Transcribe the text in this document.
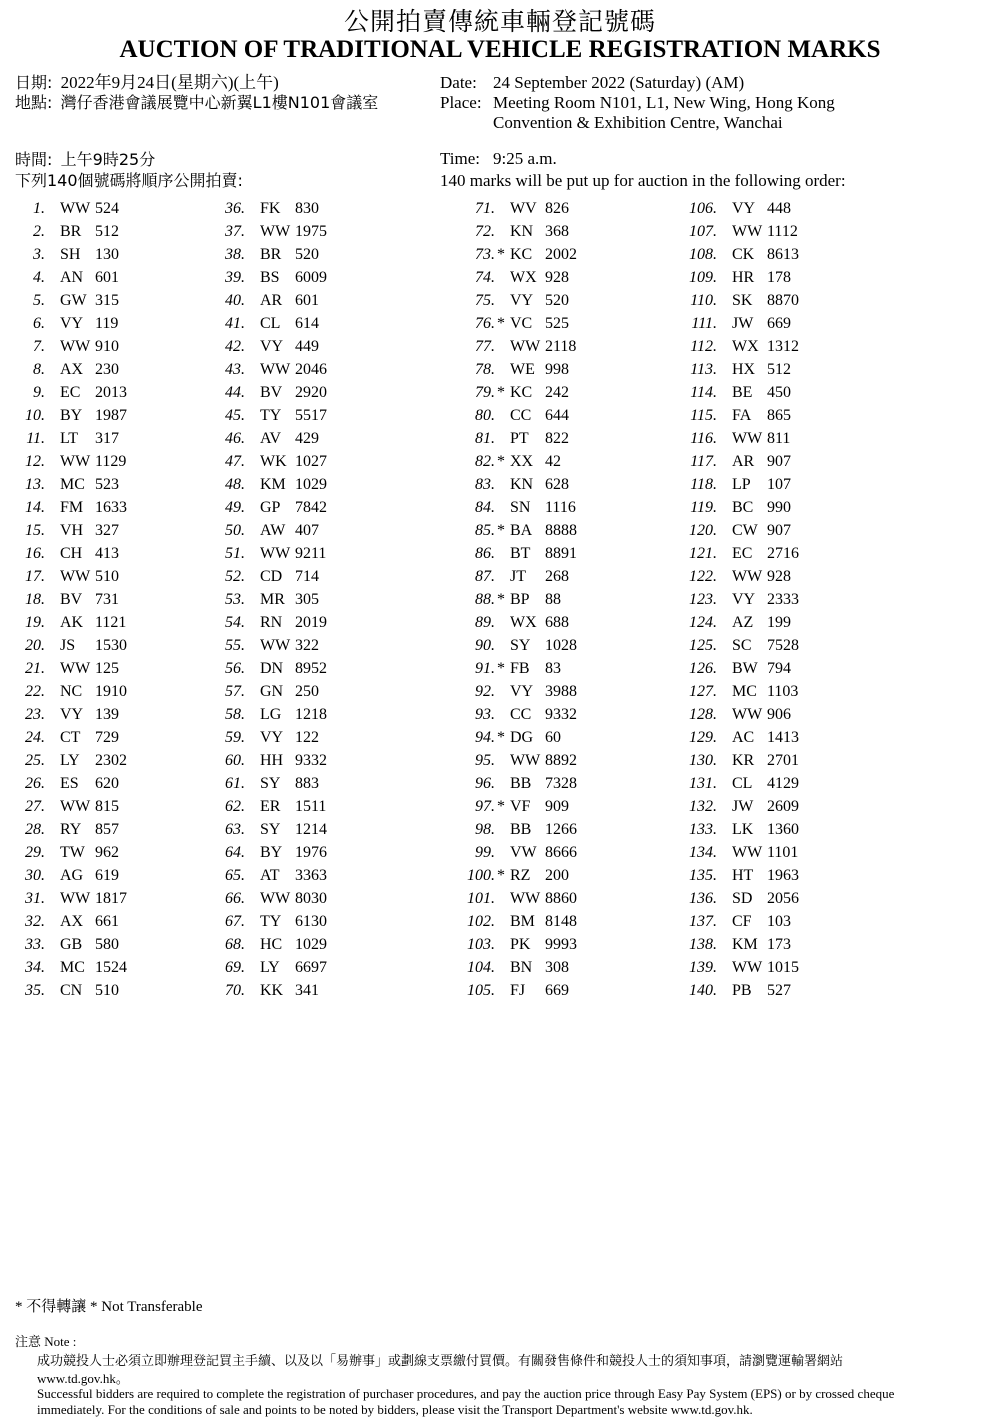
公開拍賣傳統車輛登記號碼
AUCTION OF TRADITIONAL VEHICLE REGISTRATION MARKS
日期: 2022年9月24日(星期六)(上午)
地點: 灣仔香港會議展覽中心新翼L1樓N101會議室
時間: 上午9時25分
下列140個號碼將順序公開拍賣:
Date: 24 September 2022 (Saturday) (AM)
Place: Meeting Room N101, L1, New Wing, Hong Kong
Convention & Exhibition Centre, Wanchai
Time: 9:25 a.m.
140 marks will be put up for auction in the following order:
1. WW 524
2. BR 512
3. SH 130
4. AN 601
5. GW 315
6. VY 119
7. WW 910
8. AX 230
9. EC 2013
10. BY 1987
11. LT 317
12. WW 1129
13. MC 523
14. FM 1633
15. VH 327
16. CH 413
17. WW 510
18. BV 731
19. AK 1121
20. JS 1530
21. WW 125
22. NC 1910
23. VY 139
24. CT 729
25. LY 2302
26. ES 620
27. WW 815
28. RY 857
29. TW 962
30. AG 619
31. WW 1817
32. AX 661
33. GB 580
34. MC 1524
35. CN 510
36. FK 830
37. WW 1975
38. BR 520
39. BS 6009
40. AR 601
41. CL 614
42. VY 449
43. WW 2046
44. BV 2920
45. TY 5517
46. AV 429
47. WK 1027
48. KM 1029
49. GP 7842
50. AW 407
51. WW 9211
52. CD 714
53. MR 305
54. RN 2019
55. WW 322
56. DN 8952
57. GN 250
58. LG 1218
59. VY 122
60. HH 9332
61. SY 883
62. ER 1511
63. SY 1214
64. BY 1976
65. AT 3363
66. WW 8030
67. TY 6130
68. HC 1029
69. LY 6697
70. KK 341
71. WV 826
72. KN 368
73. * KC 2002
74. WX 928
75. VY 520
76. * VC 525
77. WW 2118
78. WE 998
79. * KC 242
80. CC 644
81. PT 822
82. * XX 42
83. KN 628
84. SN 1116
85. * BA 8888
86. BT 8891
87. JT 268
88. * BP 88
89. WX 688
90. SY 1028
91. * FB 83
92. VY 3988
93. CC 9332
94. * DG 60
95. WW 8892
96. BB 7328
97. * VF 909
98. BB 1266
99. VW 8666
100. * RZ 200
101. WW 8860
102. BM 8148
103. PK 9993
104. BN 308
105. FJ 669
106. VY 448
107. WW 1112
108. CK 8613
109. HR 178
110. SK 8870
111. JW 669
112. WX 1312
113. HX 512
114. BE 450
115. FA 865
116. WW 811
117. AR 907
118. LP 107
119. BC 990
120. CW 907
121. EC 2716
122. WW 928
123. VY 2333
124. AZ 199
125. SC 7528
126. BW 794
127. MC 1103
128. WW 906
129. AC 1413
130. KR 2701
131. CL 4129
132. JW 2609
133. LK 1360
134. WW 1101
135. HT 1963
136. SD 2056
137. CF 103
138. KM 173
139. WW 1015
140. PB 527
* 不得轉讓 * Not Transferable
注意 Note :
成功競投人士必須立即辦理登記買主手續、以及以「易辦事」或劃線支票繳付買價。有關發售條件和競投人士的須知事項，請瀏覽運輸署網站
www.td.gov.hk。
Successful bidders are required to complete the registration of purchaser procedures, and pay the auction price through Easy Pay System (EPS) or by crossed cheque
immediately. For the conditions of sale and points to be noted by bidders, please visit the Transport Department's website www.td.gov.hk.
